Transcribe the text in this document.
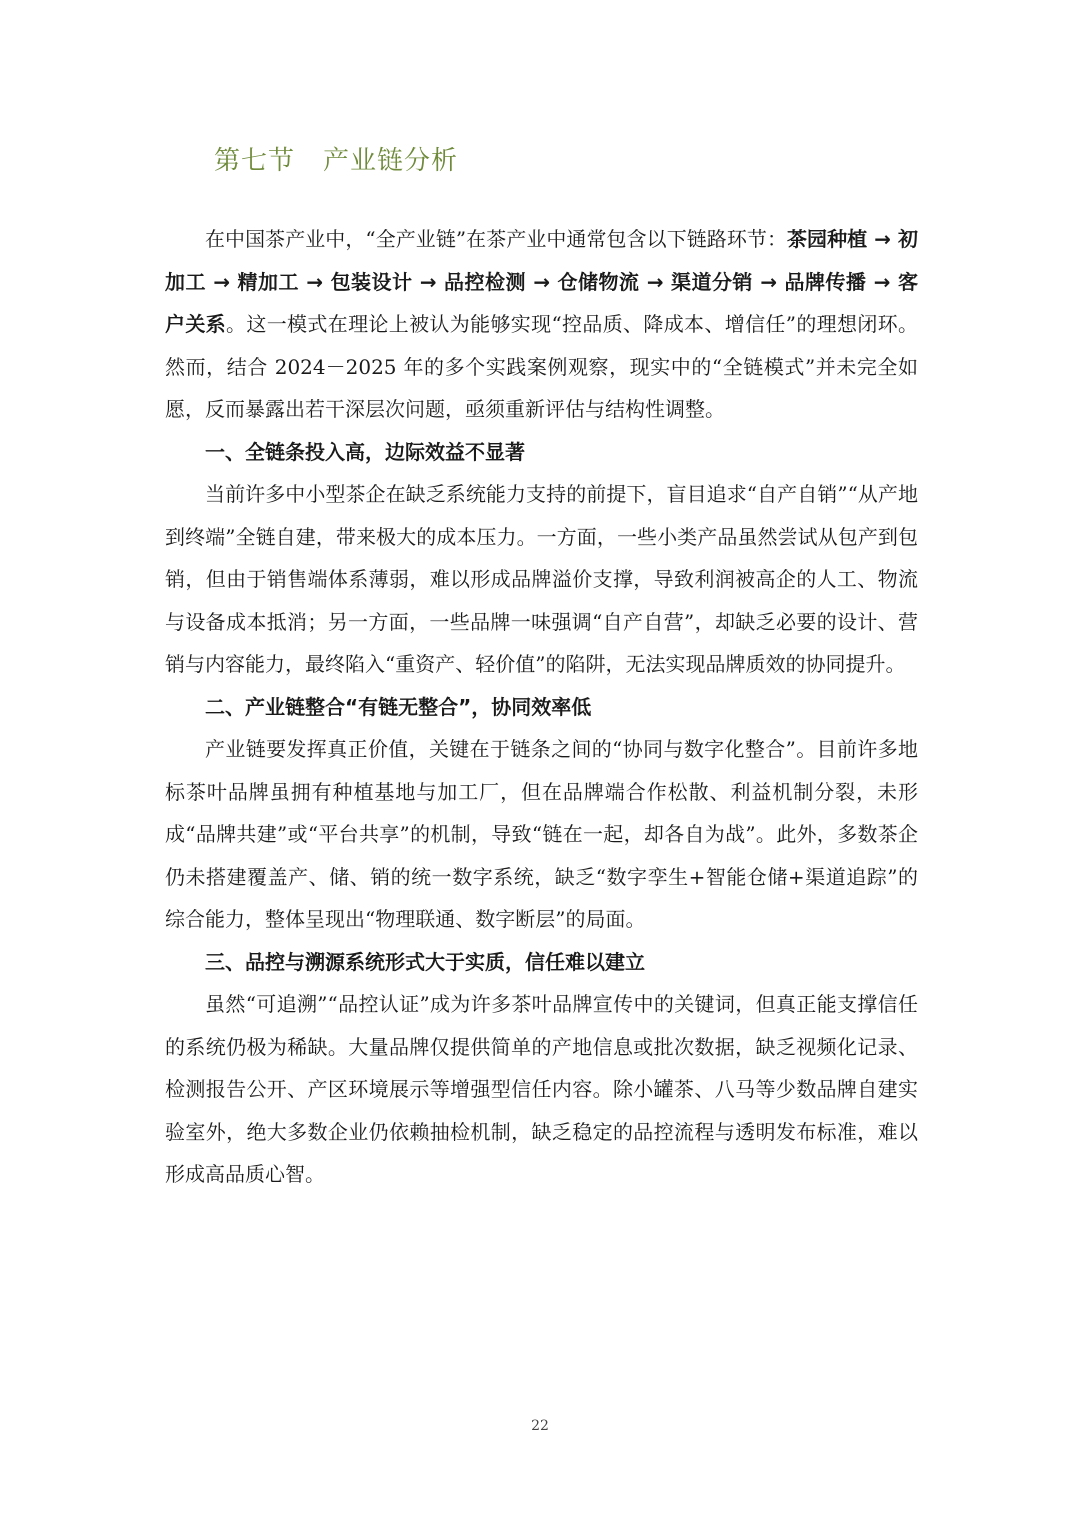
第七节 产业链分析

在中国茶产业中，“全产业链”在茶产业中通常包含以下链路环节：茶园种植 → 初加工 → 精加工 → 包装设计 → 品控检测 → 仓储物流 → 渠道分销 → 品牌传播 → 客户关系。这一模式在理论上被认为能够实现“控品质、降成本、增信任”的理想闭环。然而，结合 2024－2025 年的多个实践案例观察，现实中的“全链模式”并未完全如愿，反而暴露出若干深层次问题，亟须重新评估与结构性调整。

一、全链条投入高，边际效益不显著

当前许多中小型茶企在缺乏系统能力支持的前提下，盲目追求“自产自销”“从产地到终端”全链自建，带来极大的成本压力。一方面，一些小类产品虽然尝试从包产到包销，但由于销售端体系薄弱，难以形成品牌溢价支撑，导致利润被高企的人工、物流与设备成本抵消；另一方面，一些品牌一味强调“自产自营”，却缺乏必要的设计、营销与内容能力，最终陷入“重资产、轻价值”的陷阱，无法实现品牌质效的协同提升。

二、产业链整合“有链无整合”，协同效率低

产业链要发挥真正价值，关键在于链条之间的“协同与数字化整合”。目前许多地标茶叶品牌虽拥有种植基地与加工厂，但在品牌端合作松散、利益机制分裂，未形成“品牌共建”或“平台共享”的机制，导致“链在一起，却各自为战”。此外，多数茶企仍未搭建覆盖产、储、销的统一数字系统，缺乏“数字孪生+智能仓储+渠道追踪”的综合能力，整体呈现出“物理联通、数字断层”的局面。

三、品控与溯源系统形式大于实质，信任难以建立

虽然“可追溯”“品控认证”成为许多茶叶品牌宣传中的关键词，但真正能支撑信任的系统仍极为稀缺。大量品牌仅提供简单的产地信息或批次数据，缺乏视频化记录、检测报告公开、产区环境展示等增强型信任内容。除小罐茶、八马等少数品牌自建实验室外，绝大多数企业仍依赖抽检机制，缺乏稳定的品控流程与透明发布标准，难以形成高品质心智。

22
